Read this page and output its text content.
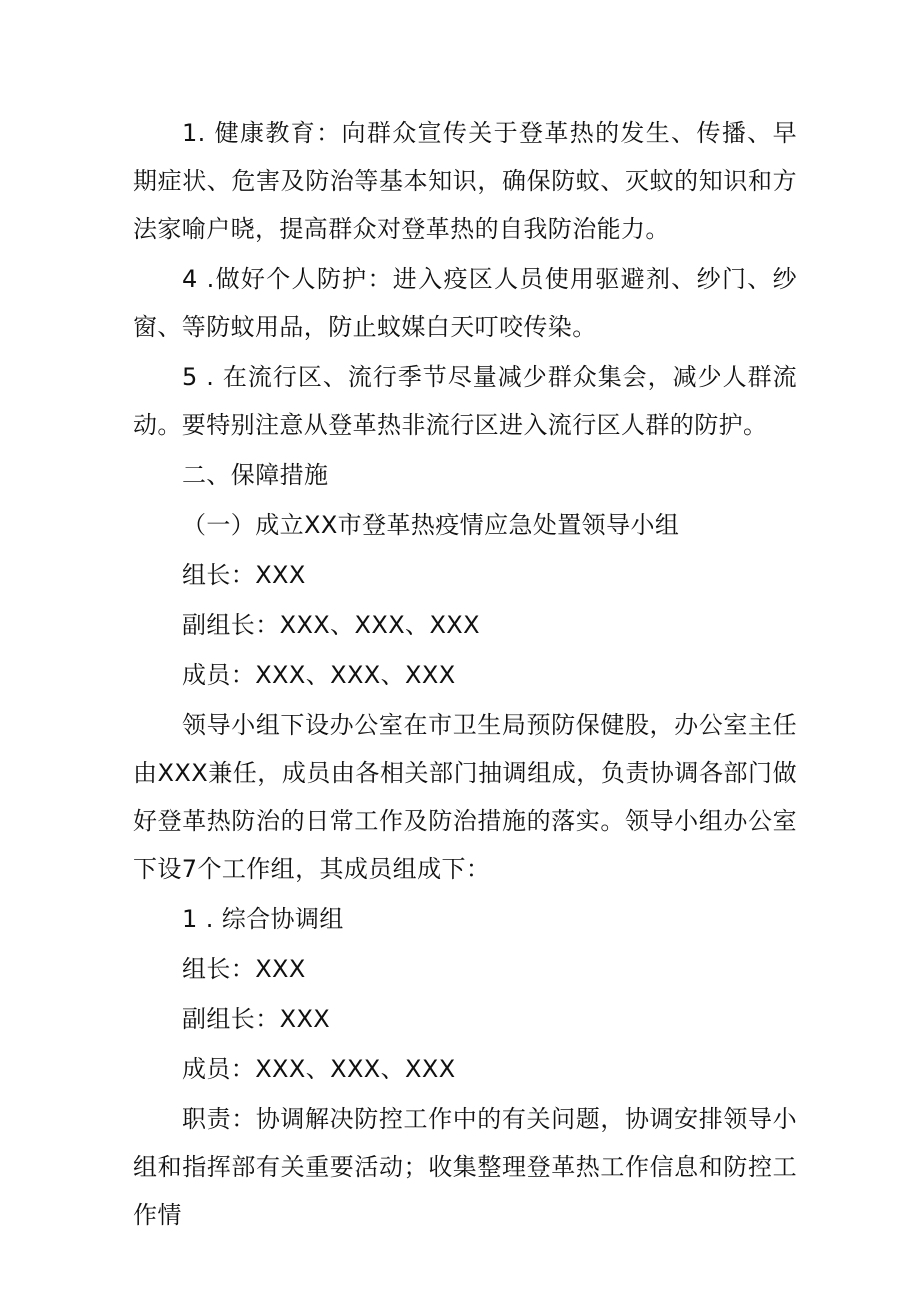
1. 健康教育：向群众宣传关于登革热的发生、传播、早期症状、危害及防治等基本知识，确保防蚊、灭蚊的知识和方法家喻户晓，提高群众对登革热的自我防治能力。

4 .做好个人防护：进入疫区人员使用驱避剂、纱门、纱窗、等防蚊用品，防止蚊媒白天叮咬传染。

5 . 在流行区、流行季节尽量减少群众集会，减少人群流动。要特别注意从登革热非流行区进入流行区人群的防护。

二、保障措施

（一）成立XX市登革热疫情应急处置领导小组

组长：XXX

副组长：XXX、XXX、XXX

成员：XXX、XXX、XXX

领导小组下设办公室在市卫生局预防保健股，办公室主任由XXX兼任，成员由各相关部门抽调组成，负责协调各部门做好登革热防治的日常工作及防治措施的落实。领导小组办公室下设7个工作组，其成员组成下：

1 . 综合协调组

组长：XXX

副组长：XXX

成员：XXX、XXX、XXX

职责：协调解决防控工作中的有关问题，协调安排领导小组和指挥部有关重要活动；收集整理登革热工作信息和防控工作情
